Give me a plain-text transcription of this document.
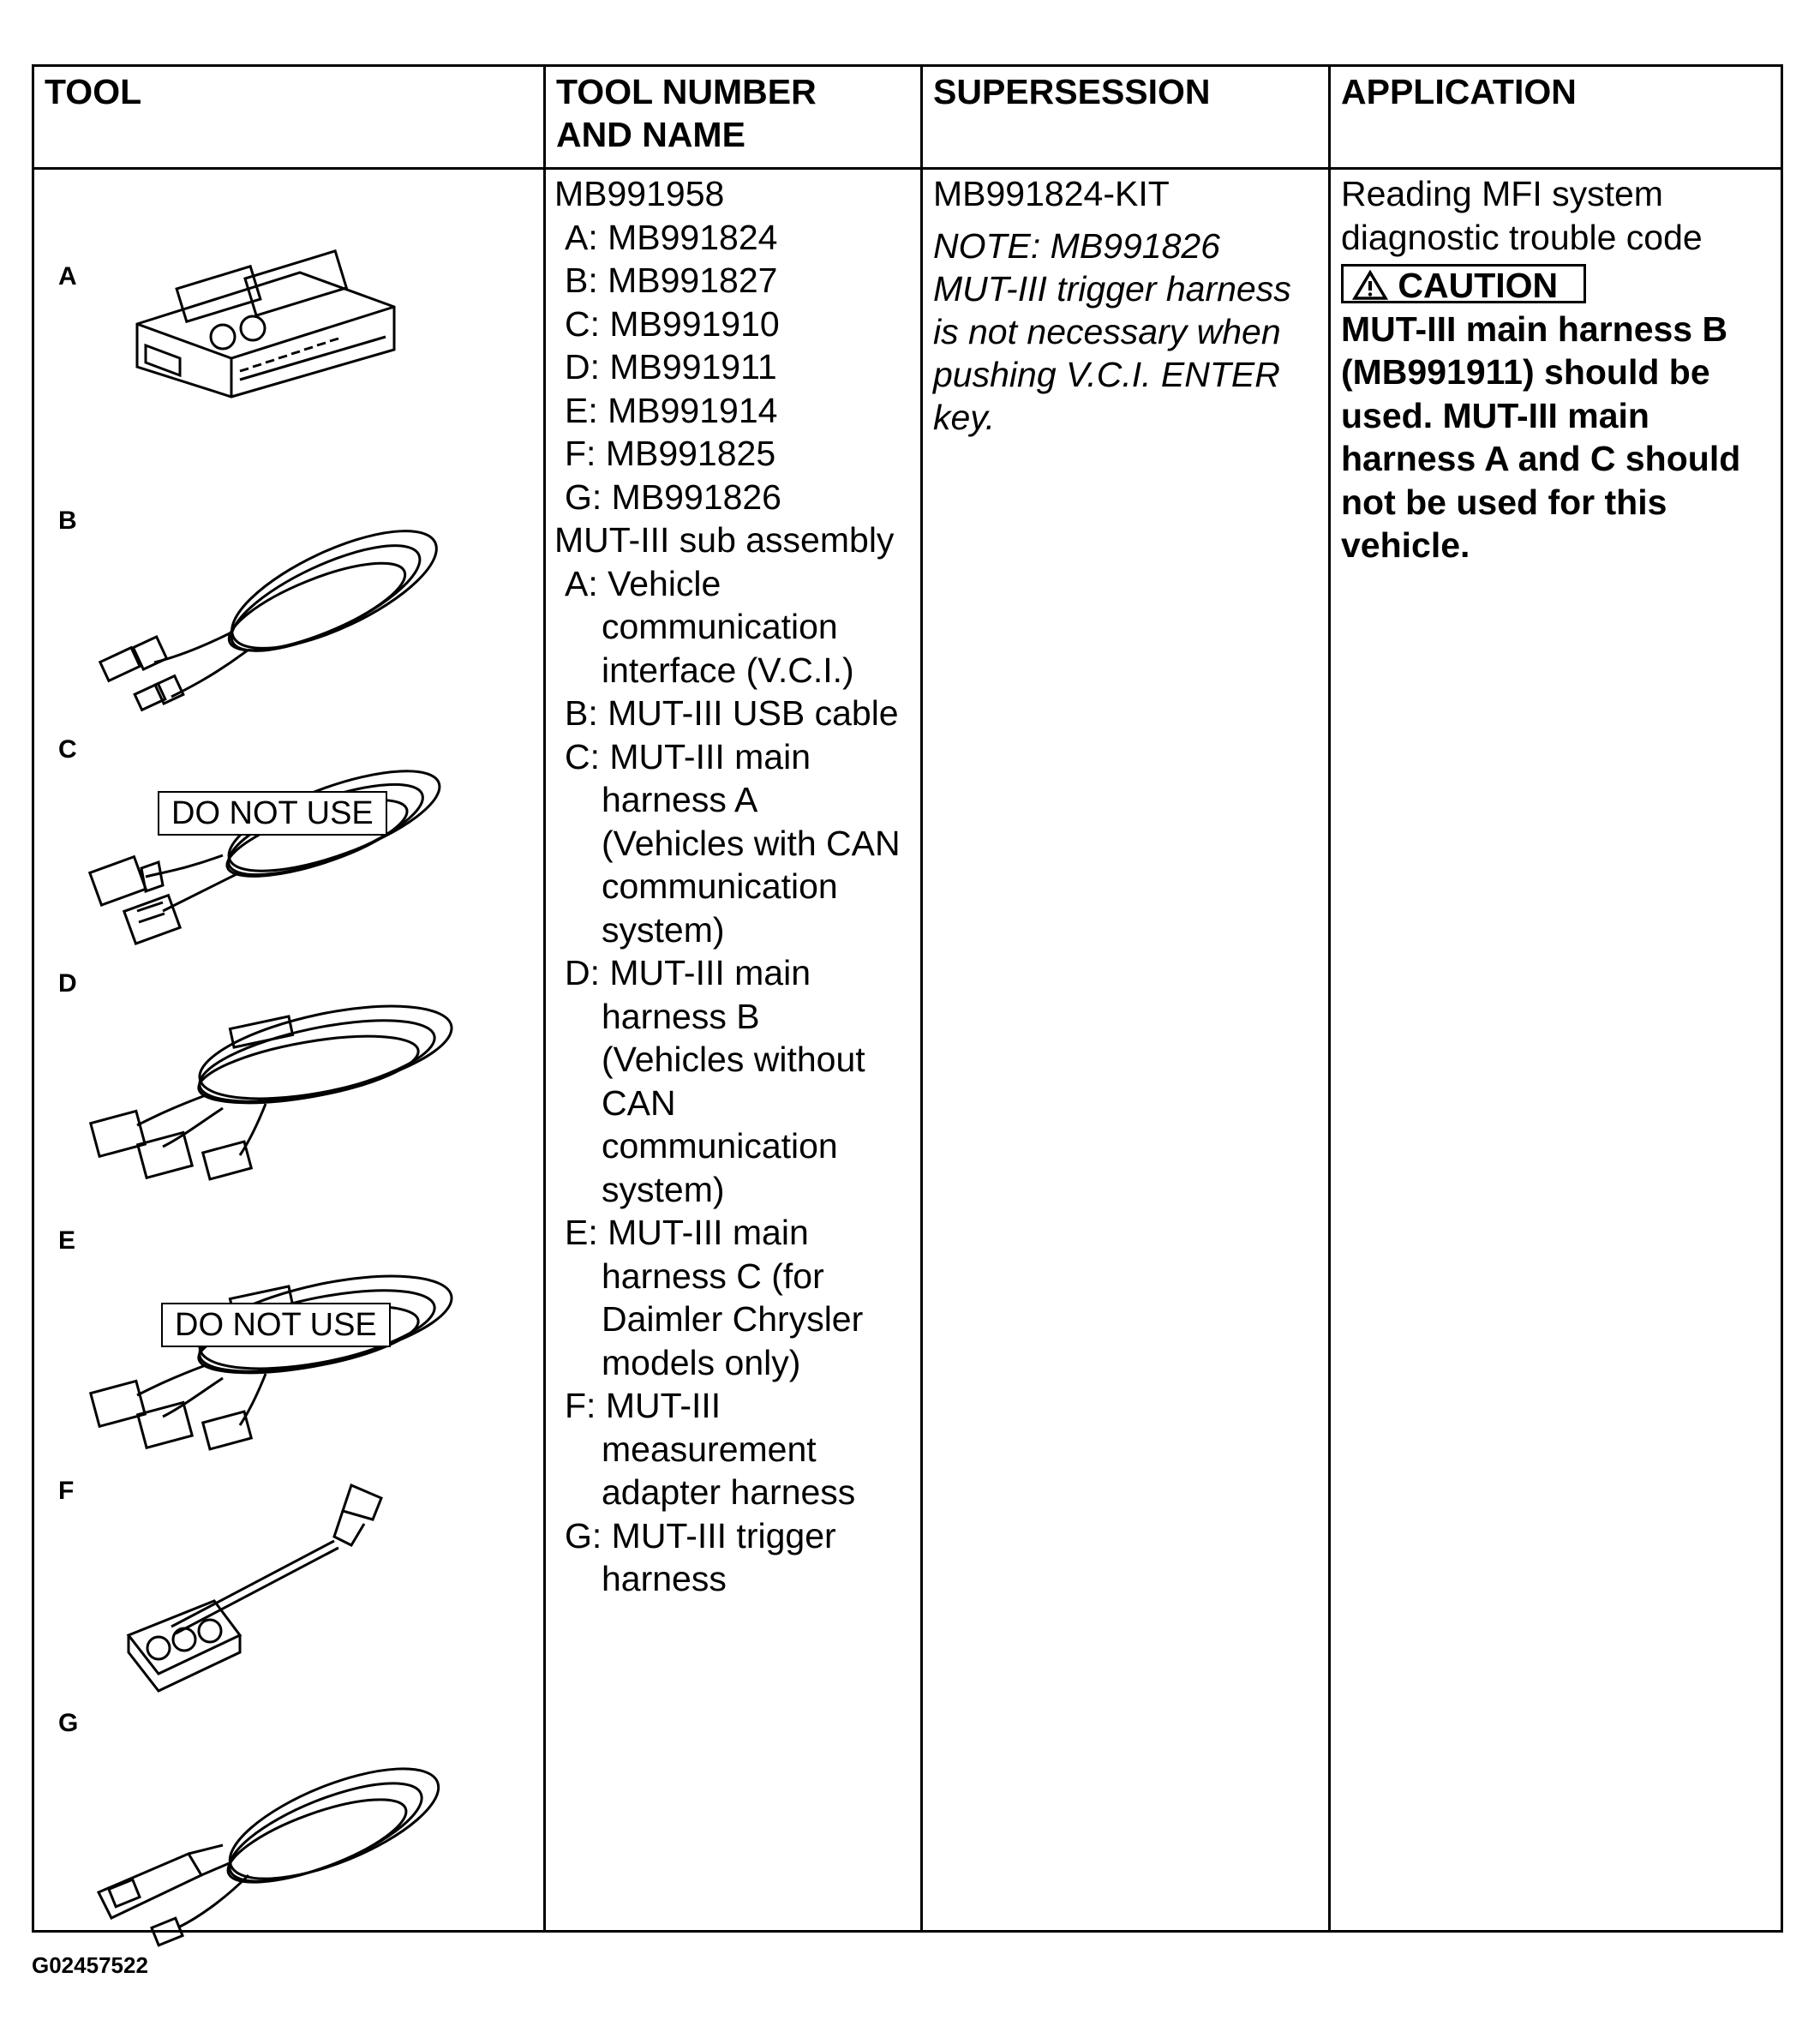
TOOL	TOOL NUMBER
AND NAME
SUPERSESSION	APPLICATION
A
B
C
DO NOT USE
D
E
DO NOT USE
F
G
MB991958
A: MB991824
B: MB991827
C: MB991910
D: MB991911
E: MB991914
F: MB991825
G: MB991826
MUT-III sub assembly
A: Vehicle
communication
interface (V.C.I.)
B: MUT-III USB cable
C: MUT-III main
harness A
(Vehicles with CAN
communication
system)
D: MUT-III main
harness B
(Vehicles without
CAN
communication
system)
E: MUT-III main
harness C (for
Daimler Chrysler
models only)
F: MUT-III
measurement
adapter harness
G: MUT-III trigger
harness
MB991824-KIT
NOTE: MB991826
MUT-III trigger harness
is not necessary when
pushing V.C.I. ENTER
key.
Reading MFI system
diagnostic trouble code
CAUTION
MUT-III main harness B
(MB991911) should be
used. MUT-III main
harness A and C should
not be used for this
vehicle.
G02457522
